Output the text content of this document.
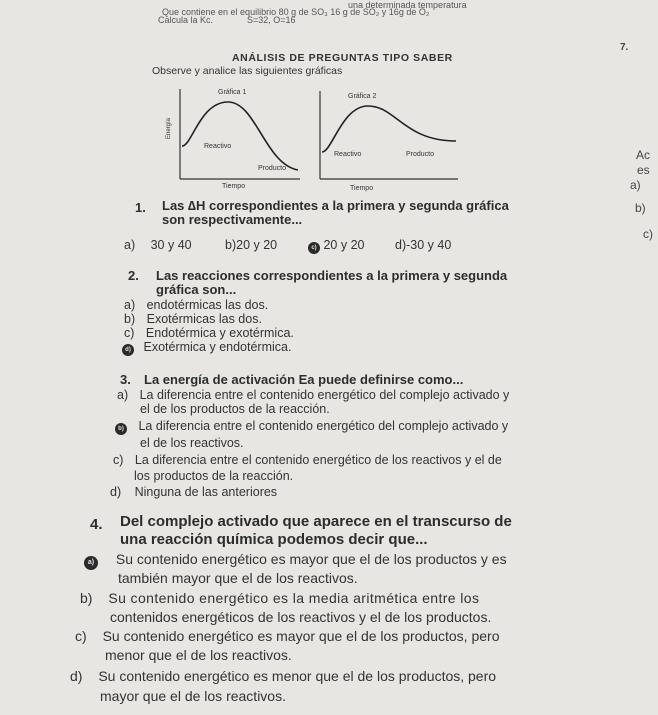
una determinada temperatura
Que contiene en el equilibrio 80 g de SO₃ 16 g de SO₂ y 16g de O₂
Calcula la Kc.	S=32, O=16
ANÁLISIS DE PREGUNTAS TIPO SABER
Observe y analice las siguientes gráficas
7.
Ac
es
a)
b)
c)
Gráfica 1
Energía
Reactivo
Producto
Tiempo
Gráfica 2
Reactivo	Producto
Tiempo
1. Las ∆H correspondientes a la primera y segunda gráfica
son respectivamente...
a) 30 y 40	b)20 y 20	c) 20 y 20 d)-30 y 40
2. Las reacciones correspondientes a la primera y segunda
gráfica son...
a) endotérmicas las dos.
b) Exotérmicas las dos.
c) Endotérmica y exotérmica.
d) Exotérmica y endotérmica.
3. La energía de activación Ea puede definirse como...
a) La diferencia entre el contenido energético del complejo activado y
el de los productos de la reacción.
b) La diferencia entre el contenido energético del complejo activado y
el de los reactivos.
c) La diferencia entre el contenido energético de los reactivos y el de
los productos de la reacción.
d) Ninguna de las anteriores
4. Del complejo activado que aparece en el transcurso de
una reacción química podemos decir que...
a) Su contenido energético es mayor que el de los productos y es
también mayor que el de los reactivos.
b) Su contenido energético es la media aritmética entre los
contenidos energéticos de los reactivos y el de los productos.
c) Su contenido energético es mayor que el de los productos, pero
menor que el de los reactivos.
d) Su contenido energético es menor que el de los productos, pero
mayor que el de los reactivos.
